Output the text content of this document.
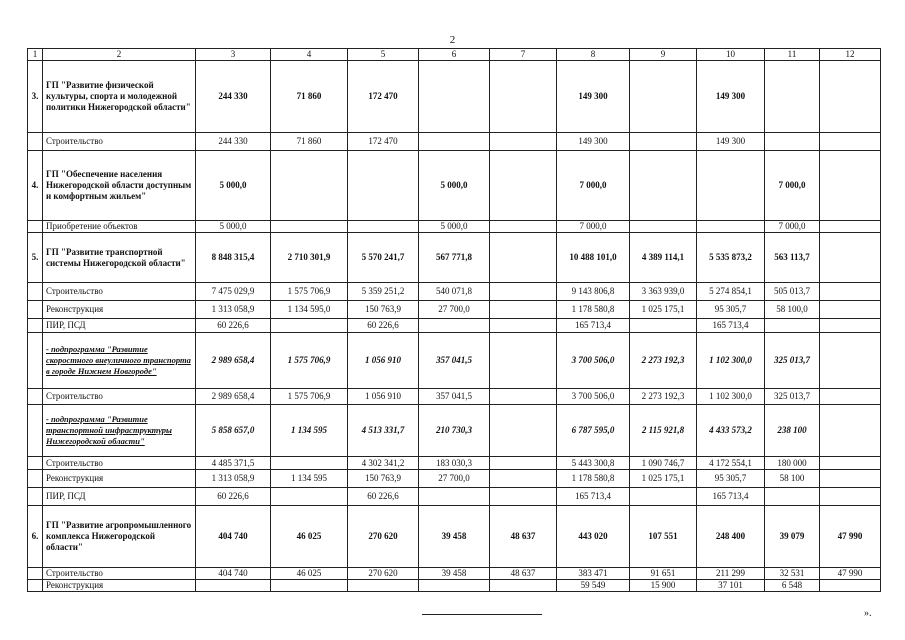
2
1	2	3	4	5	6	7	8	9	10	11	12
3.	ГП "Развитие физической культуры, спорта и молодежной политики Нижегородской области"	244 330	71 860	172 470			149 300		149 300		
	Строительство	244 330	71 860	172 470			149 300		149 300		
4.	ГП "Обеспечение населения Нижегородской области доступным и комфортным жильем"	5 000,0			5 000,0		7 000,0			7 000,0	
	Приобретение объектов	5 000,0			5 000,0		7 000,0			7 000,0	
5.	ГП "Развитие транспортной системы Нижегородской области"	8 848 315,4	2 710 301,9	5 570 241,7	567 771,8		10 488 101,0	4 389 114,1	5 535 873,2	563 113,7	
	Строительство	7 475 029,9	1 575 706,9	5 359 251,2	540 071,8		9 143 806,8	3 363 939,0	5 274 854,1	505 013,7	
	Реконструкция	1 313 058,9	1 134 595,0	150 763,9	27 700,0		1 178 580,8	1 025 175,1	95 305,7	58 100,0	
	ПИР, ПСД	60 226,6		60 226,6			165 713,4		165 713,4		
	- подпрограмма "Развитие скоростного внеуличного транспорта в городе Нижнем Новгороде"	2 989 658,4	1 575 706,9	1 056 910	357 041,5		3 700 506,0	2 273 192,3	1 102 300,0	325 013,7	
	Строительство	2 989 658,4	1 575 706,9	1 056 910	357 041,5		3 700 506,0	2 273 192,3	1 102 300,0	325 013,7	
	- подпрограмма "Развитие транспортной инфраструктуры Нижегородской области"	5 858 657,0	1 134 595	4 513 331,7	210 730,3		6 787 595,0	2 115 921,8	4 433 573,2	238 100	
	Строительство	4 485 371,5		4 302 341,2	183 030,3		5 443 300,8	1 090 746,7	4 172 554,1	180 000	
	Реконструкция	1 313 058,9	1 134 595	150 763,9	27 700,0		1 178 580,8	1 025 175,1	95 305,7	58 100	
	ПИР, ПСД	60 226,6		60 226,6			165 713,4		165 713,4		
6.	ГП "Развитие агропромышленного комплекса Нижегородской области"	404 740	46 025	270 620	39 458	48 637	443 020	107 551	248 400	39 079	47 990
	Строительство	404 740	46 025	270 620	39 458	48 637	383 471	91 651	211 299	32 531	47 990
	Реконструкция						59 549	15 900	37 101	6 548	
».
